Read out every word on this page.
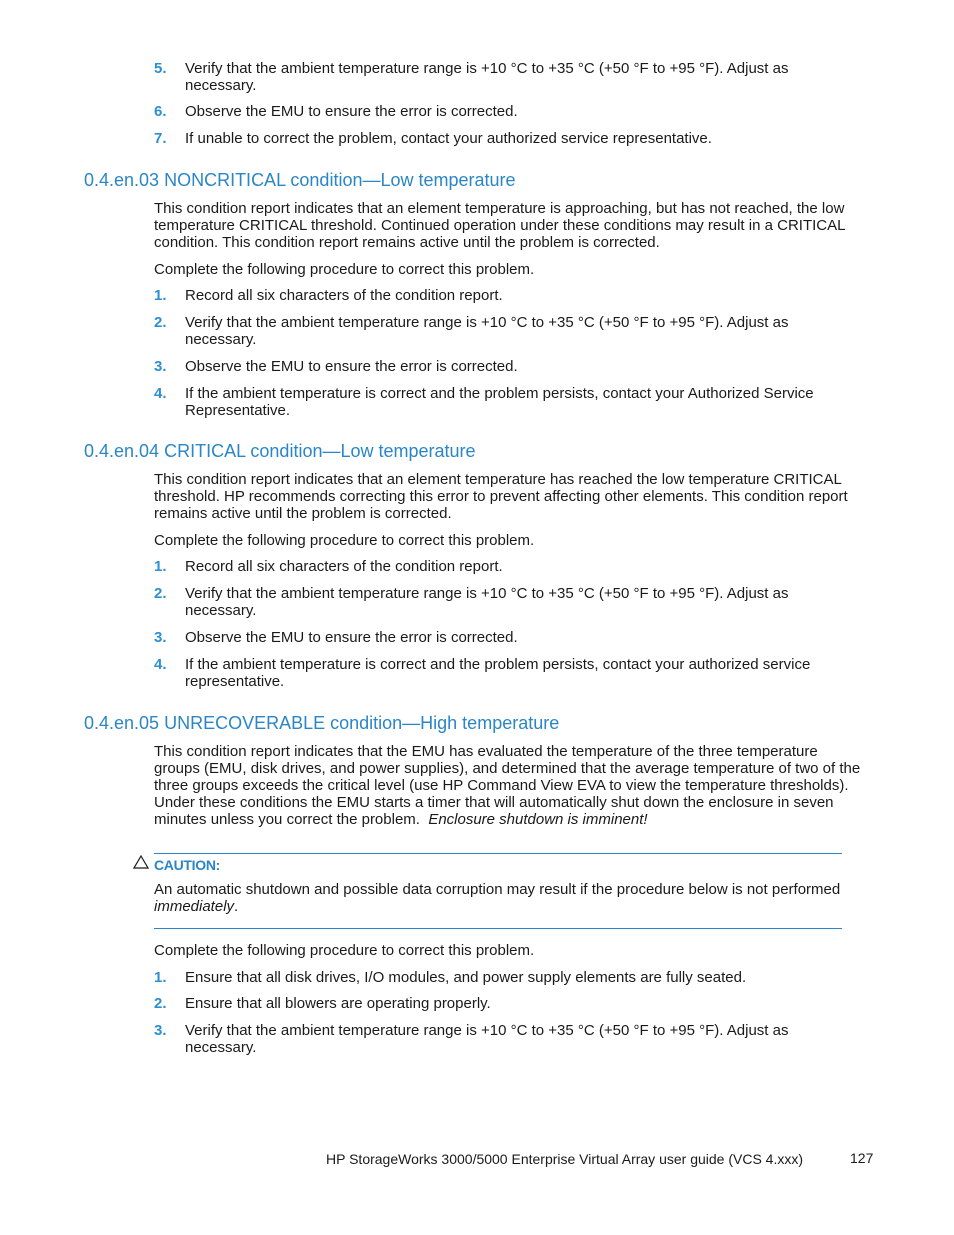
5. Verify that the ambient temperature range is +10 °C to +35 °C (+50 °F to +95 °F). Adjust as necessary.
6. Observe the EMU to ensure the error is corrected.
7. If unable to correct the problem, contact your authorized service representative.
0.4.en.03 NONCRITICAL condition—Low temperature
This condition report indicates that an element temperature is approaching, but has not reached, the low temperature CRITICAL threshold. Continued operation under these conditions may result in a CRITICAL condition. This condition report remains active until the problem is corrected.
Complete the following procedure to correct this problem.
1. Record all six characters of the condition report.
2. Verify that the ambient temperature range is +10 °C to +35 °C (+50 °F to +95 °F). Adjust as necessary.
3. Observe the EMU to ensure the error is corrected.
4. If the ambient temperature is correct and the problem persists, contact your Authorized Service Representative.
0.4.en.04 CRITICAL condition—Low temperature
This condition report indicates that an element temperature has reached the low temperature CRITICAL threshold. HP recommends correcting this error to prevent affecting other elements. This condition report remains active until the problem is corrected.
Complete the following procedure to correct this problem.
1. Record all six characters of the condition report.
2. Verify that the ambient temperature range is +10 °C to +35 °C (+50 °F to +95 °F). Adjust as necessary.
3. Observe the EMU to ensure the error is corrected.
4. If the ambient temperature is correct and the problem persists, contact your authorized service representative.
0.4.en.05 UNRECOVERABLE condition—High temperature
This condition report indicates that the EMU has evaluated the temperature of the three temperature groups (EMU, disk drives, and power supplies), and determined that the average temperature of two of the three groups exceeds the critical level (use HP Command View EVA to view the temperature thresholds). Under these conditions the EMU starts a timer that will automatically shut down the enclosure in seven minutes unless you correct the problem. Enclosure shutdown is imminent!
CAUTION:
An automatic shutdown and possible data corruption may result if the procedure below is not performed immediately.
Complete the following procedure to correct this problem.
1. Ensure that all disk drives, I/O modules, and power supply elements are fully seated.
2. Ensure that all blowers are operating properly.
3. Verify that the ambient temperature range is +10 °C to +35 °C (+50 °F to +95 °F). Adjust as necessary.
HP StorageWorks 3000/5000 Enterprise Virtual Array user guide (VCS 4.xxx)	127
